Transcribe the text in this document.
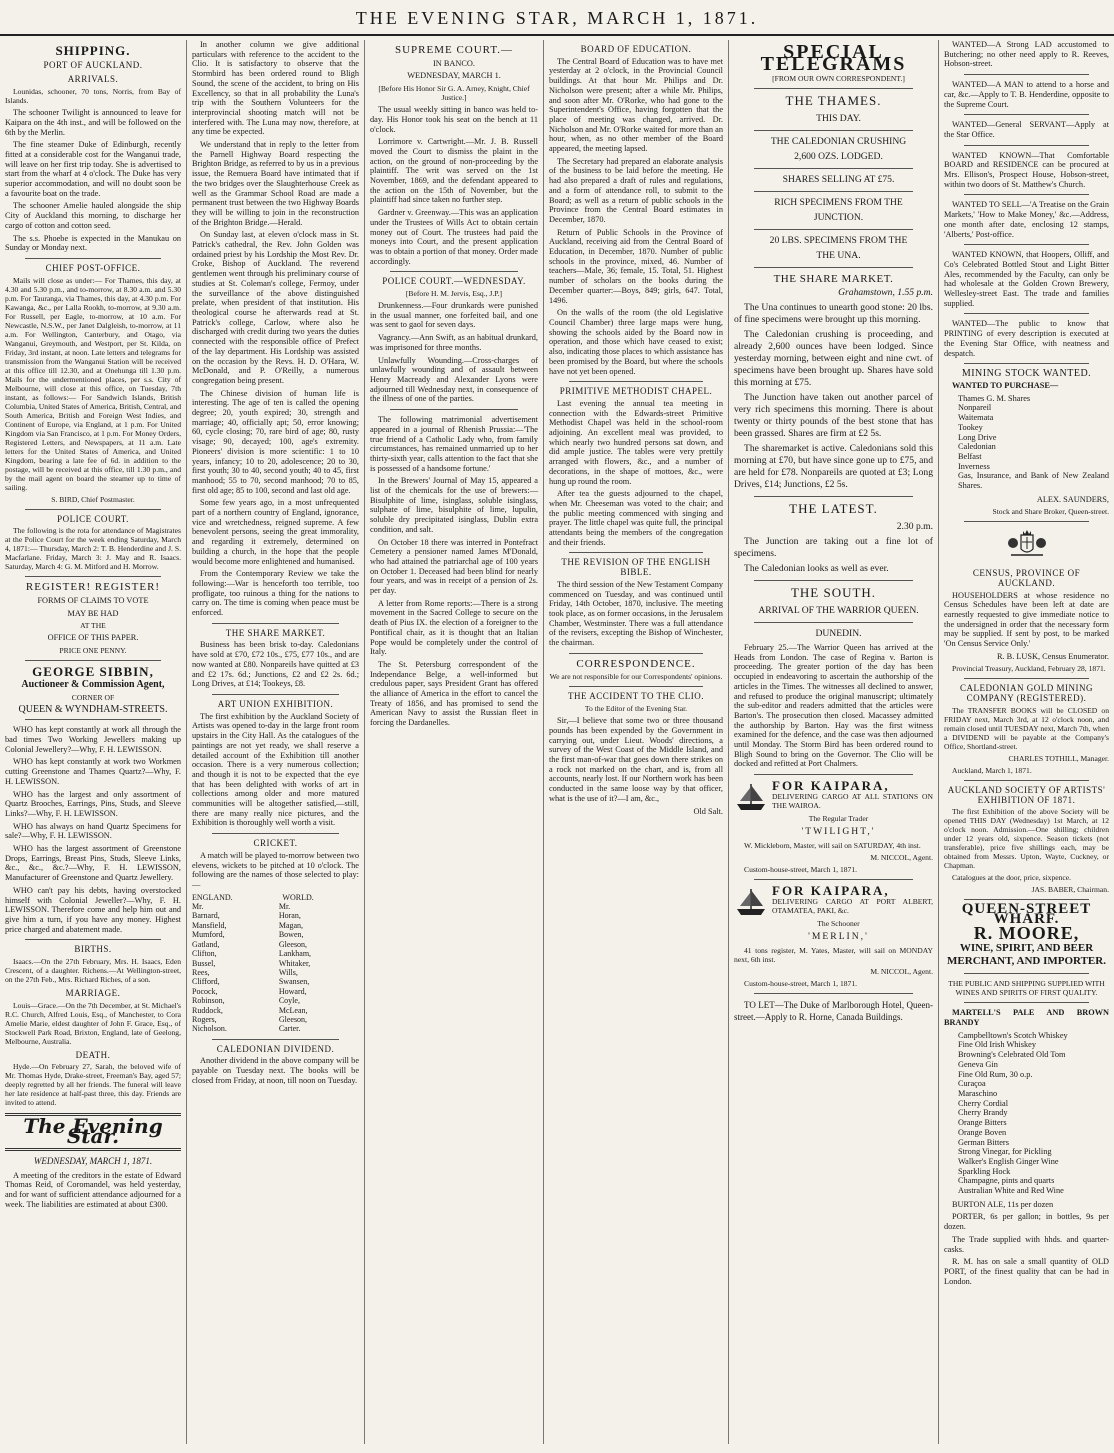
THE EVENING STAR, MARCH 1, 1871.
SHIPPING.
PORT OF AUCKLAND.
ARRIVALS.

Lounidas, schooner, 70 tons, Norris, from Bay of Islands.

The schooner Twilight is announced to leave for Kaipara on the 4th inst., and will be followed on the 6th by the Merlin.

The fine steamer Duke of Edinburgh, recently fitted at a considerable cost for the Wanganui trade, will leave on her first trip today. She is advertised to start from the wharf at 4 o'clock. The Duke has very superior accommodation, and will no doubt soon be a favourite boat on the trade.

The schooner Amelie hauled alongside the ship City of Auckland this morning, to discharge her cargo of cotton and cotton seed.

The s.s. Phoebe is expected in the Manukau on Sunday or Monday next.

CHIEF POST-OFFICE.

Mails will close as under:— For Thames, this day, at 4.30 and 5.30 p.m., and to-morrow, at 8.30 a.m. and 5.30 p.m. For Tauranga, via Thames, this day, at 4.30 p.m. For Kawanga, &c., per Lalla Rookh, to-morrow, at 9.30 a.m. For Russell, per Eagle, to-morrow, at 10 a.m. For Newcastle, N.S.W., per Janet Dalgleish, to-morrow, at 11 a.m. For Wellington, Canterbury, and Otago, via Wanganui, Greymouth, and Westport, per St. Kilda, on Friday, 3rd instant, at noon. Late letters and telegrams for transmission from the Wanganui Station will be received at this office till 12.30, and at Onehunga till 1.30 p.m. Mails for the undermentioned places, per s.s. City of Melbourne, will close at this office, on Tuesday, 7th instant, as follows:— For Sandwich Islands, British Columbia, United States of America, British, Central, and South America, British and Foreign West Indies, and Continent of Europe, via England, at 1 p.m. For United Kingdom via San Francisco, at 1 p.m. For Money Orders, Registered Letters, and Newspapers, at 11 a.m. Late letters for the United States of America, and United Kingdom, bearing a late fee of 6d. in addition to the postage, will be received at this office, till 1.30 p.m., and by the mail agent on board the steamer up to time of sailing.

S. BIRD, Chief Postmaster.

POLICE COURT.

The following is the rota for attendance of Magistrates at the Police Court for the week ending Saturday, March 4, 1871:— Thursday, March 2: T. B. Henderdine and J. S. Macfarlane. Friday, March 3: J. May and R. Isaacs. Saturday, March 4: G. M. Mitford and H. Morrow.

REGISTER! REGISTER!

FORMS OF CLAIMS TO VOTE

MAY BE HAD

AT THE

OFFICE OF THIS PAPER.

PRICE ONE PENNY.

GEORGE SIBBIN,

Auctioneer & Commission Agent,

CORNER OF

QUEEN & WYNDHAM-STREETS.

WHO has kept constantly at work all through the bad times Two Working Jewellers making up Colonial Jewellery?—Why, F. H. LEWISSON.

WHO has kept constantly at work two Workmen cutting Greenstone and Thames Quartz?—Why, F. H. LEWISSON.

WHO has the largest and only assortment of Quartz Brooches, Earrings, Pins, Studs, and Sleeve Links?—Why, F. H. LEWISSON.

WHO has always on hand Quartz Specimens for sale?—Why, F. H. LEWISSON.

WHO has the largest assortment of Greenstone Drops, Earrings, Breast Pins, Studs, Sleeve Links, &c., &c., &c.?—Why, F. H. LEWISSON, Manufacturer of Greenstone and Quartz Jewellery.

WHO can't pay his debts, having overstocked himself with Colonial Jeweller?—Why, F. H. LEWISSON. Therefore come and help him out and give him a turn, if you have any money. Highest price charged and abatement made.

BIRTHS.

Isaacs.—On the 27th February, Mrs. H. Isaacs, Eden Crescent, of a daughter. Richens.—At Wellington-street, on the 27th Feb., Mrs. Richard Riches, of a son.

MARRIAGE.

Louis—Grace.—On the 7th December, at St. Michael's R.C. Church, Alfred Louis, Esq., of Manchester, to Cora Amelie Marie, eldest daughter of John F. Grace, Esq., of Stockwell Park Road, Brixton, England, late of Geelong, Melbourne, Australia.

DEATH.

Hyde.—On February 27, Sarah, the beloved wife of Mr. Thomas Hyde, Drake-street, Freeman's Bay, aged 57; deeply regretted by all her friends. The funeral will leave her late residence at half-past three, this day. Friends are invited to attend.

The Evening Star.
WEDNESDAY, MARCH 1, 1871.

A meeting of the creditors in the estate of Edward Thomas Reid, of Coromandel, was held yesterday, and for want of sufficient attendance adjourned for a week. The liabilities are estimated at about £300.

In another column we give additional particulars with reference to the accident to the Clio. It is satisfactory to observe that the Stormbird has been ordered round to Bligh Sound, the scene of the accident, to bring on His Excellency, so that in all probability the Luna's trip with the Southern Volunteers for the interprovincial shooting match will not be interfered with. The Luna may now, therefore, at any time be expected.

We understand that in reply to the letter from the Parnell Highway Board respecting the Brighton Bridge, as referred to by us in a previous issue, the Remuera Board have intimated that if the two bridges over the Slaughterhouse Creek as well as the Grammar School Road are made a permanent trust between the two Highway Boards they will be willing to join in the reconstruction of the Brighton Bridge.—Herald.

On Sunday last, at eleven o'clock mass in St. Patrick's cathedral, the Rev. John Golden was ordained priest by his Lordship the Most Rev. Dr. Croke, Bishop of Auckland. The reverend gentlemen went through his preliminary course of studies at St. Coleman's college, Fermoy, under the surveillance of the above distinguished prelate, when president of that institution. His theological course he afterwards read at St. Patrick's college, Carlow, where also he discharged with credit during two years the duties connected with the responsible office of Prefect of the lay department. His Lordship was assisted on the occasion by the Revs. H. D. O'Hara, W. McDonald, and P. O'Reilly, a numerous congregation being present.

The Chinese division of human life is interesting. The age of ten is called the opening degree; 20, youth expired; 30, strength and marriage; 40, officially apt; 50, error knowing; 60, cycle closing; 70, rare bird of age; 80, rusty visage; 90, decayed; 100, age's extremity. Pioneers' division is more scientific: 1 to 10 years, infancy; 10 to 20, adolescence; 20 to 30, first youth; 30 to 40, second youth; 40 to 45, first manhood; 55 to 70, second manhood; 70 to 85, first old age; 85 to 100, second and last old age.

Some few years ago, in a most unfrequented part of a northern country of England, ignorance, vice and wretchedness, reigned supreme. A few benevolent persons, seeing the great immorality, and regarding it extremely, determined on building a church, in the hope that the people would become more enlightened and humanised.

From the Contemporary Review we take the following:—War is henceforth too terrible, too profligate, too ruinous a thing for the nations to carry on. The time is coming when peace must be enforced.

THE SHARE MARKET.

Business has been brisk to-day. Caledonians have sold at £70, £72 10s., £75, £77 10s., and are now wanted at £80. Nonpareils have quitted at £3 and £2 17s. 6d.; Junctions, £2 and £2 2s. 6d.; Long Drives, at £14; Tookeys, £8.

ART UNION EXHIBITION.

The first exhibition by the Auckland Society of Artists was opened to-day in the large front room upstairs in the City Hall. As the catalogues of the paintings are not yet ready, we shall reserve a detailed account of the Exhibition till another occasion. There is a very numerous collection; and though it is not to be expected that the eye that has been delighted with works of art in collections among older and more matured communities will be altogether satisfied,—still, there are many really nice pictures, and the Exhibition is thoroughly well worth a visit.

CRICKET.

A match will be played to-morrow between two elevens, wickets to be pitched at 10 o'clock. The following are the names of those selected to play:—

ENGLAND.
Mr. Barnard,
Mansfield,
Mumford,
Gatland,
Clifton,
Bussel,
Rees,
Clifford,
Pocock,
Robinson,
Ruddock,
Rogers,
Nicholson.
WORLD.
Mr. Horan,
Magan,
Bowen,
Gleeson,
Lankham,
Whitaker,
Wills,
Swansen,
Howard,
Coyle,
McLean,
Gleeson,
Carter.
CALEDONIAN DIVIDEND.

Another dividend in the above company will be payable on Tuesday next. The books will be closed from Friday, at noon, till noon on Tuesday.

SUPREME COURT.—

IN BANCO.

WEDNESDAY, MARCH 1.

[Before His Honor Sir G. A. Arney, Knight, Chief Justice.]

The usual weekly sitting in banco was held to-day. His Honor took his seat on the bench at 11 o'clock.

Lorrimore v. Cartwright.—Mr. J. B. Russell moved the Court to dismiss the plaint in the action, on the ground of non-proceeding by the plaintiff. The writ was served on the 1st November, 1869, and the defendant appeared to the action on the 15th of November, but the plaintiff had since taken no further step.

Gardner v. Greenway.—This was an application under the Trustees of Wills Act to obtain certain money out of Court. The trustees had paid the moneys into Court, and the present application was to obtain a portion of that money. Order made accordingly.

POLICE COURT.—WEDNESDAY.

[Before H. M. Jervis, Esq., J.P.]

Drunkenness.—Four drunkards were punished in the usual manner, one forfeited bail, and one was sent to gaol for seven days.

Vagrancy.—Ann Swift, as an habitual drunkard, was imprisoned for three months.

Unlawfully Wounding.—Cross-charges of unlawfully wounding and of assault between Henry Macready and Alexander Lyons were adjourned till Wednesday next, in consequence of the illness of one of the parties.

The following matrimonial advertisement appeared in a journal of Rhenish Prussia:—'The true friend of a Catholic Lady who, from family circumstances, has remained unmarried up to her thirty-sixth year, calls attention to the fact that she is possessed of a handsome fortune.'

In the Brewers' Journal of May 15, appeared a list of the chemicals for the use of brewers:—Bisulphite of lime, isinglass, soluble isinglass, sulphate of lime, bisulphite of lime, lupulin, soluble dry precipitated isinglass, Dublin extra condition, and salt.

On October 18 there was interred in Pontefract Cemetery a pensioner named James M'Donald, who had attained the patriarchal age of 100 years on October 1. Deceased had been blind for nearly four years, and was in receipt of a pension of 2s. per day.

A letter from Rome reports:—There is a strong movement in the Sacred College to secure on the death of Pius IX. the election of a foreigner to the Pontifical chair, as it is thought that an Italian Pope would be completely under the control of Italy.

The St. Petersburg correspondent of the Independance Belge, a well-informed but credulous paper, says President Grant has offered the alliance of America in the effort to cancel the Treaty of 1856, and has promised to send the American Navy to assist the Russian fleet in forcing the Dardanelles.

BOARD OF EDUCATION.

The Central Board of Education was to have met yesterday at 2 o'clock, in the Provincial Council buildings. At that hour Mr. Philips and Dr. Nicholson were present; after a while Mr. Philips, and soon after Mr. O'Rorke, who had gone to the Superintendent's Office, having forgotten that the place of meeting was changed, arrived. Dr. Nicholson and Mr. O'Rorke waited for more than an hour, when, as no other member of the Board appeared, the meeting lapsed.

The Secretary had prepared an elaborate analysis of the business to be laid before the meeting. He had also prepared a draft of rules and regulations, and a form of attendance roll, to submit to the Board; as well as a return of public schools in the Province from the Central Board estimates in December, 1870.

Return of Public Schools in the Province of Auckland, receiving aid from the Central Board of Education, in December, 1870. Number of public schools in the province, mixed, 46. Number of teachers—Male, 36; female, 15. Total, 51. Highest number of scholars on the books during the December quarter:—Boys, 849; girls, 647. Total, 1496.

On the walls of the room (the old Legislative Council Chamber) three large maps were hung, showing the schools aided by the Board now in operation, and those which have ceased to exist; also, indicating those places to which assistance has been promised by the Board, but where the schools have not yet been opened.

PRIMITIVE METHODIST CHAPEL.

Last evening the annual tea meeting in connection with the Edwards-street Primitive Methodist Chapel was held in the school-room adjoining. An excellent meal was provided, to which nearly two hundred persons sat down, and did ample justice. The tables were very prettily arranged with flowers, &c., and a number of decorations, in the shape of mottoes, &c., were hung up round the room.

After tea the guests adjourned to the chapel, when Mr. Cheeseman was voted to the chair; and the public meeting commenced with singing and prayer. The little chapel was quite full, the principal attendants being the members of the congregation and their friends.

THE REVISION OF THE ENGLISH BIBLE.

The third session of the New Testament Company commenced on Tuesday, and was continued until Friday, 14th October, 1870, inclusive. The meeting took place, as on former occasions, in the Jerusalem Chamber, Westminster. There was a full attendance of the revisers, excepting the Bishop of Winchester, the chairman.

CORRESPONDENCE.

We are not responsible for our Correspondents' opinions.

THE ACCIDENT TO THE CLIO.

To the Editor of the Evening Star.

Sir,—I believe that some two or three thousand pounds has been expended by the Government in carrying out, under Lieut. Woods' directions, a survey of the West Coast of the Middle Island, and the first man-of-war that goes down there strikes on a rock not marked on the chart, and is, from all accounts, nearly lost. If our Northern work has been conducted in the same loose way by that officer, what is the use of it?—I am, &c.,

Old Salt.

SPECIAL TELEGRAMS

[FROM OUR OWN CORRESPONDENT.]

THE THAMES.

THIS DAY.

THE CALEDONIAN CRUSHING

2,600 OZS. LODGED.

SHARES SELLING AT £75.

RICH SPECIMENS FROM THE

JUNCTION.

20 LBS. SPECIMENS FROM THE

THE UNA.

THE SHARE MARKET.

Grahamstown, 1.55 p.m.

The Una continues to unearth good stone: 20 lbs. of fine specimens were brought up this morning.

The Caledonian crushing is proceeding, and already 2,600 ounces have been lodged. Since yesterday morning, between eight and nine cwt. of specimens have been brought up. Shares have sold this morning at £75.

The Junction have taken out another parcel of very rich specimens this morning. There is about twenty or thirty pounds of the best stone that has been grassed. Shares are firm at £2 5s.

The sharemarket is active. Caledonians sold this morning at £70, but have since gone up to £75, and are held for £78. Nonpareils are quoted at £3; Long Drives, £14; Junctions, £2 5s.

THE LATEST.

2.30 p.m.

The Junction are taking out a fine lot of specimens.

The Caledonian looks as well as ever.

THE SOUTH.

ARRIVAL OF THE WARRIOR QUEEN.

DUNEDIN.

February 25.—The Warrior Queen has arrived at the Heads from London. The case of Regina v. Barton is proceeding. The greater portion of the day has been occupied in endeavoring to ascertain the authorship of the articles in the Times. The witnesses all declined to answer, and refused to produce the original manuscript; ultimately the sub-editor and readers admitted that the articles were Barton's. The prosecution then closed. Macassey admitted the authorship by Barton. Hay was the first witness examined for the defence, and the case was then adjourned until Monday. The Storm Bird has been ordered round to Bligh Sound to bring on the Governor. The Clio will be docked and refitted at Port Chalmers.

FOR KAIPARA,
DELIVERING CARGO AT ALL STATIONS ON THE WAIROA.

The Regular Trader

'TWILIGHT,'

W. Mickleborn, Master, will sail on SATURDAY, 4th inst.

M. NICCOL, Agent.

Custom-house-street, March 1, 1871.

FOR KAIPARA,
DELIVERING CARGO AT PORT ALBERT, OTAMATEA, PAKI, &c.

The Schooner

'MERLIN,'

41 tons register, M. Yates, Master, will sail on MONDAY next, 6th inst.

M. NICCOL, Agent.

Custom-house-street, March 1, 1871.

TO LET—The Duke of Marlborough Hotel, Queen-street.—Apply to R. Horne, Canada Buildings.

WANTED—A Strong LAD accustomed to Butchering; no other need apply to R. Reeves, Hobson-street.

WANTED—A MAN to attend to a horse and car, &c.—Apply to T. B. Henderdine, opposite to the Supreme Court.

WANTED—General SERVANT—Apply at the Star Office.

WANTED KNOWN—That Comfortable BOARD and RESIDENCE can be procured at Mrs. Ellison's, Prospect House, Hobson-street, within two doors of St. Matthew's Church.

WANTED TO SELL—'A Treatise on the Grain Markets,' 'How to Make Money,' &c.—Address, one month after date, enclosing 12 stamps, 'Alberts,' Post-office.

WANTED KNOWN, that Hoopers, Olliff, and Co's Celebrated Bottled Stout and Light Bitter Ales, recommended by the Faculty, can only be had wholesale at the Golden Crown Brewery, Wellesley-street East. The trade and families supplied.

WANTED—The public to know that PRINTING of every description is executed at the Evening Star Office, with neatness and despatch.

MINING STOCK WANTED.

WANTED TO PURCHASE—

Thames G. M. Shares
Nonpareil
Waitemata
Tookey
Long Drive
Caledonian
Belfast
Inverness
Gas, Insurance, and Bank of New Zealand Shares.

ALEX. SAUNDERS,

Stock and Share Broker, Queen-street.

CENSUS, PROVINCE OF AUCKLAND.

HOUSEHOLDERS at whose residence no Census Schedules have been left at date are earnestly requested to give immediate notice to the undersigned in order that the necessary form may be supplied. If sent by post, to be marked 'On Census Service Only.'

R. B. LUSK, Census Enumerator.

Provincial Treasury, Auckland, February 28, 1871.

CALEDONIAN GOLD MINING COMPANY (REGISTERED).

The TRANSFER BOOKS will be CLOSED on FRIDAY next, March 3rd, at 12 o'clock noon, and remain closed until TUESDAY next, March 7th, when a DIVIDEND will be payable at the Company's Office, Shortland-street.

CHARLES TOTHILL, Manager.

Auckland, March 1, 1871.

AUCKLAND SOCIETY OF ARTISTS' EXHIBITION OF 1871.

The first Exhibition of the above Society will be opened THIS DAY (Wednesday) 1st March, at 12 o'clock noon. Admission.—One shilling; children under 12 years old, sixpence. Season tickets (not transferable), price five shillings each, may be obtained from Messrs. Upton, Wayte, Cuckney, or Chapman.

Catalogues at the door, price, sixpence.

JAS. BABER, Chairman.

QUEEN-STREET WHARF.
R. MOORE,

WINE, SPIRIT, AND BEER MERCHANT, AND IMPORTER.

THE PUBLIC AND SHIPPING SUPPLIED WITH WINES AND SPIRITS OF FIRST QUALITY.

MARTELL'S PALE AND BROWN BRANDY

Campbelltown's Scotch Whiskey
Fine Old Irish Whiskey
Browning's Celebrated Old Tom
Geneva Gin
Fine Old Rum, 30 o.p.
Curaçoa
Maraschino
Cherry Cordial
Cherry Brandy
Orange Bitters
Orange Boven
German Bitters
Strong Vinegar, for Pickling
Walker's English Ginger Wine
Sparkling Hock
Champagne, pints and quarts
Australian White and Red Wine

BURTON ALE, 11s per dozen

PORTER, 6s per gallon; in bottles, 9s per dozen.

The Trade supplied with hhds. and quarter-casks.

R. M. has on sale a small quantity of OLD PORT, of the finest quality that can be had in London.
